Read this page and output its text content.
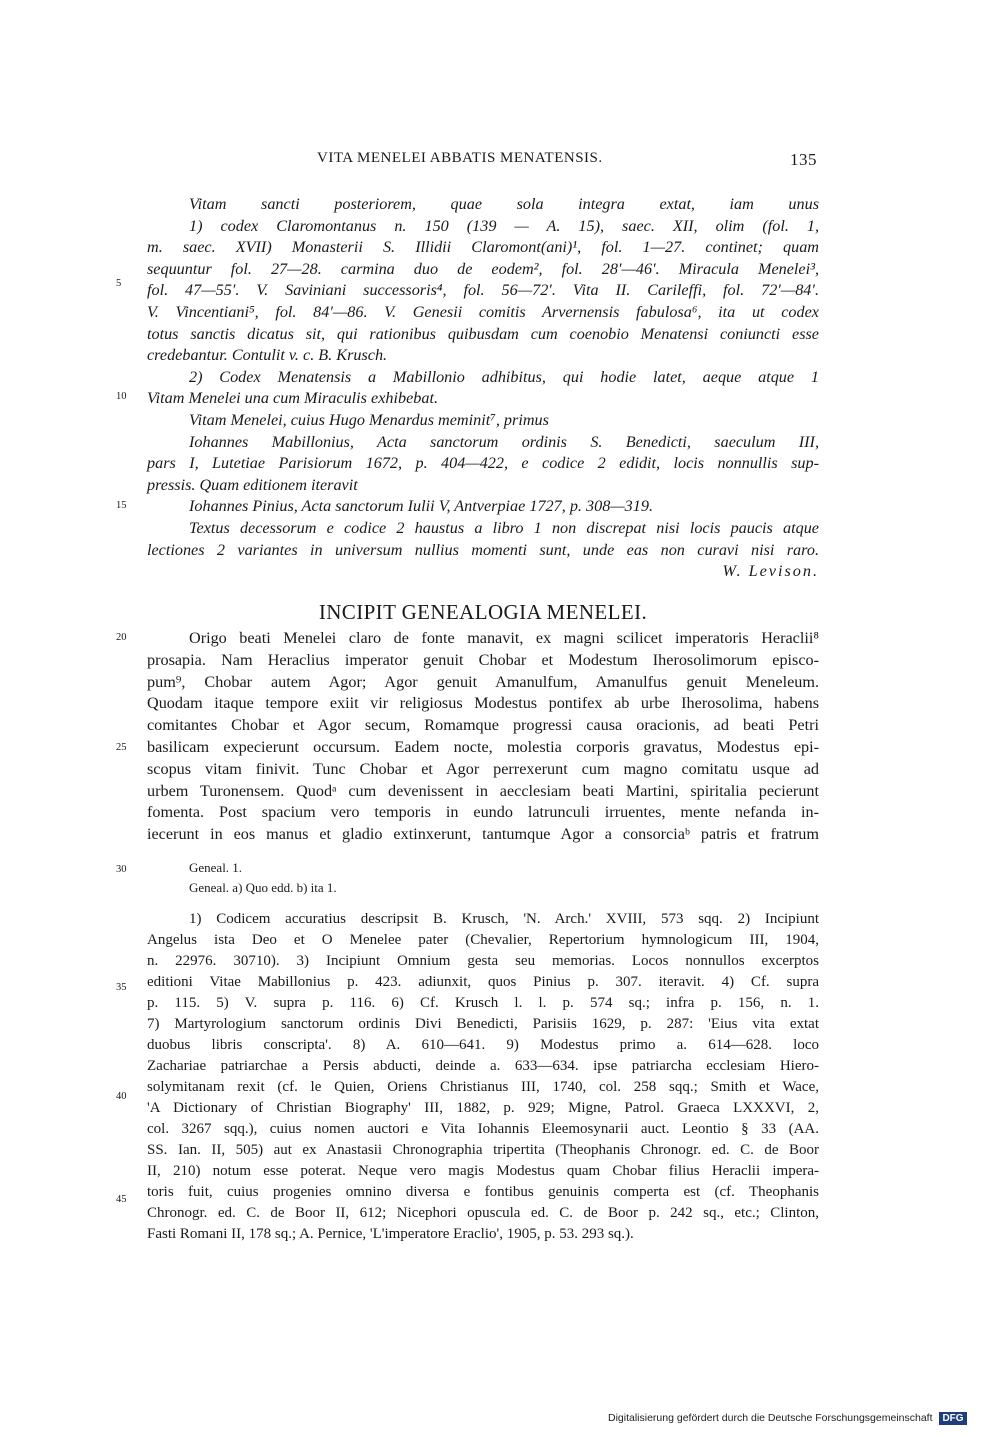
VITA MENELEI ABBATIS MENATENSIS.	135
Vitam sancti posteriorem, quae sola integra extat, iam unus
1) codex Claromontanus n. 150 (139 — A. 15), saec. XII, olim (fol. 1,
m. saec. XVII) Monasterii S. Illidii Claromont(ani)¹, fol. 1—27. continet; quam
sequuntur fol. 27—28. carmina duo de eodem², fol. 28′—46′. Miracula Menelei³,
fol. 47—55′. V. Saviniani successoris⁴, fol. 56—72′. Vita II. Carileffi, fol. 72′—84′.
V. Vincentiani⁵, fol. 84′—86. V. Genesii comitis Arvernensis fabulosa⁶, ita ut codex
totus sanctis dicatus sit, qui rationibus quibusdam cum coenobio Menatensi coniuncti esse
credebantur. Contulit v. c. B. Krusch.
2) Codex Menatensis a Mabillonio adhibitus, qui hodie latet, aeque atque 1
Vitam Menelei una cum Miraculis exhibebat.
Vitam Menelei, cuius Hugo Menardus meminit⁷, primus
Iohannes Mabillonius, Acta sanctorum ordinis S. Benedicti, saeculum III,
pars I, Lutetiae Parisiorum 1672, p. 404—422, e codice 2 edidit, locis nonnullis sup-
pressis. Quam editionem iteravit
Iohannes Pinius, Acta sanctorum Iulii V, Antverpiae 1727, p. 308—319.
Textus decessorum e codice 2 haustus a libro 1 non discrepat nisi locis paucis atque
lectiones 2 variantes in universum nullius momenti sunt, unde eas non curavi nisi raro.
W. Levison.
INCIPIT GENEALOGIA MENELEI.
Origo beati Menelei claro de fonte manavit, ex magni scilicet imperatoris Heraclii⁸
prosapia. Nam Heraclius imperator genuit Chobar et Modestum Iherosolimorum episco-
pum⁹, Chobar autem Agor; Agor genuit Amanulfum, Amanulfus genuit Meneleum.
Quodam itaque tempore exiit vir religiosus Modestus pontifex ab urbe Iherosolima, habens
comitantes Chobar et Agor secum, Romamque progressi causa oracionis, ad beati Petri
basilicam expecierunt occursum. Eadem nocte, molestia corporis gravatus, Modestus epi-
scopus vitam finivit. Tunc Chobar et Agor perrexerunt cum magno comitatu usque ad
urbem Turonensem. Quodᵃ cum devenissent in aecclesiam beati Martini, spiritalia pecierunt
fomenta. Post spacium vero temporis in eundo latrunculi irruentes, mente nefanda in-
iecerunt in eos manus et gladio extinxerunt, tantumque Agor a consorciaᵇ patris et fratrum
Geneal. 1.
Geneal. a) Quo edd. b) ita 1.
1) Codicem accuratius descripsit B. Krusch, 'N. Arch.' XVIII, 573 sqq. 2) Incipiunt
Angelus ista Deo et O Menelee pater (Chevalier, Repertorium hymnologicum III, 1904,
n. 22976. 30710). 3) Incipiunt Omnium gesta seu memorias. Locos nonnullos excerptos
editioni Vitae Mabillonius p. 423. adiunxit, quos Pinius p. 307. iteravit. 4) Cf. supra
p. 115. 5) V. supra p. 116. 6) Cf. Krusch l. l. p. 574 sq.; infra p. 156, n. 1.
7) Martyrologium sanctorum ordinis Divi Benedicti, Parisiis 1629, p. 287: 'Eius vita extat
duobus libris conscripta'. 8) A. 610—641. 9) Modestus primo a. 614—628. loco
Zachariae patriarchae a Persis abducti, deinde a. 633—634. ipse patriarcha ecclesiam Hiero-
solymitanam rexit (cf. le Quien, Oriens Christianus III, 1740, col. 258 sqq.; Smith et Wace,
'A Dictionary of Christian Biography' III, 1882, p. 929; Migne, Patrol. Graeca LXXXVI, 2,
col. 3267 sqq.), cuius nomen auctori e Vita Iohannis Eleemosynarii auct. Leontio § 33 (AA.
SS. Ian. II, 505) aut ex Anastasii Chronographia tripertita (Theophanis Chronogr. ed. C. de Boor
II, 210) notum esse poterat. Neque vero magis Modestus quam Chobar filius Heraclii impera-
toris fuit, cuius progenies omnino diversa e fontibus genuinis comperta est (cf. Theophanis
Chronogr. ed. C. de Boor II, 612; Nicephori opuscula ed. C. de Boor p. 242 sq., etc.; Clinton,
Fasti Romani II, 178 sq.; A. Pernice, 'L'imperatore Eraclio', 1905, p. 53. 293 sq.).
5
10
15
20
25
30
35
40
45
Digitalisierung gefördert durch die Deutsche Forschungsgemeinschaft DFG
